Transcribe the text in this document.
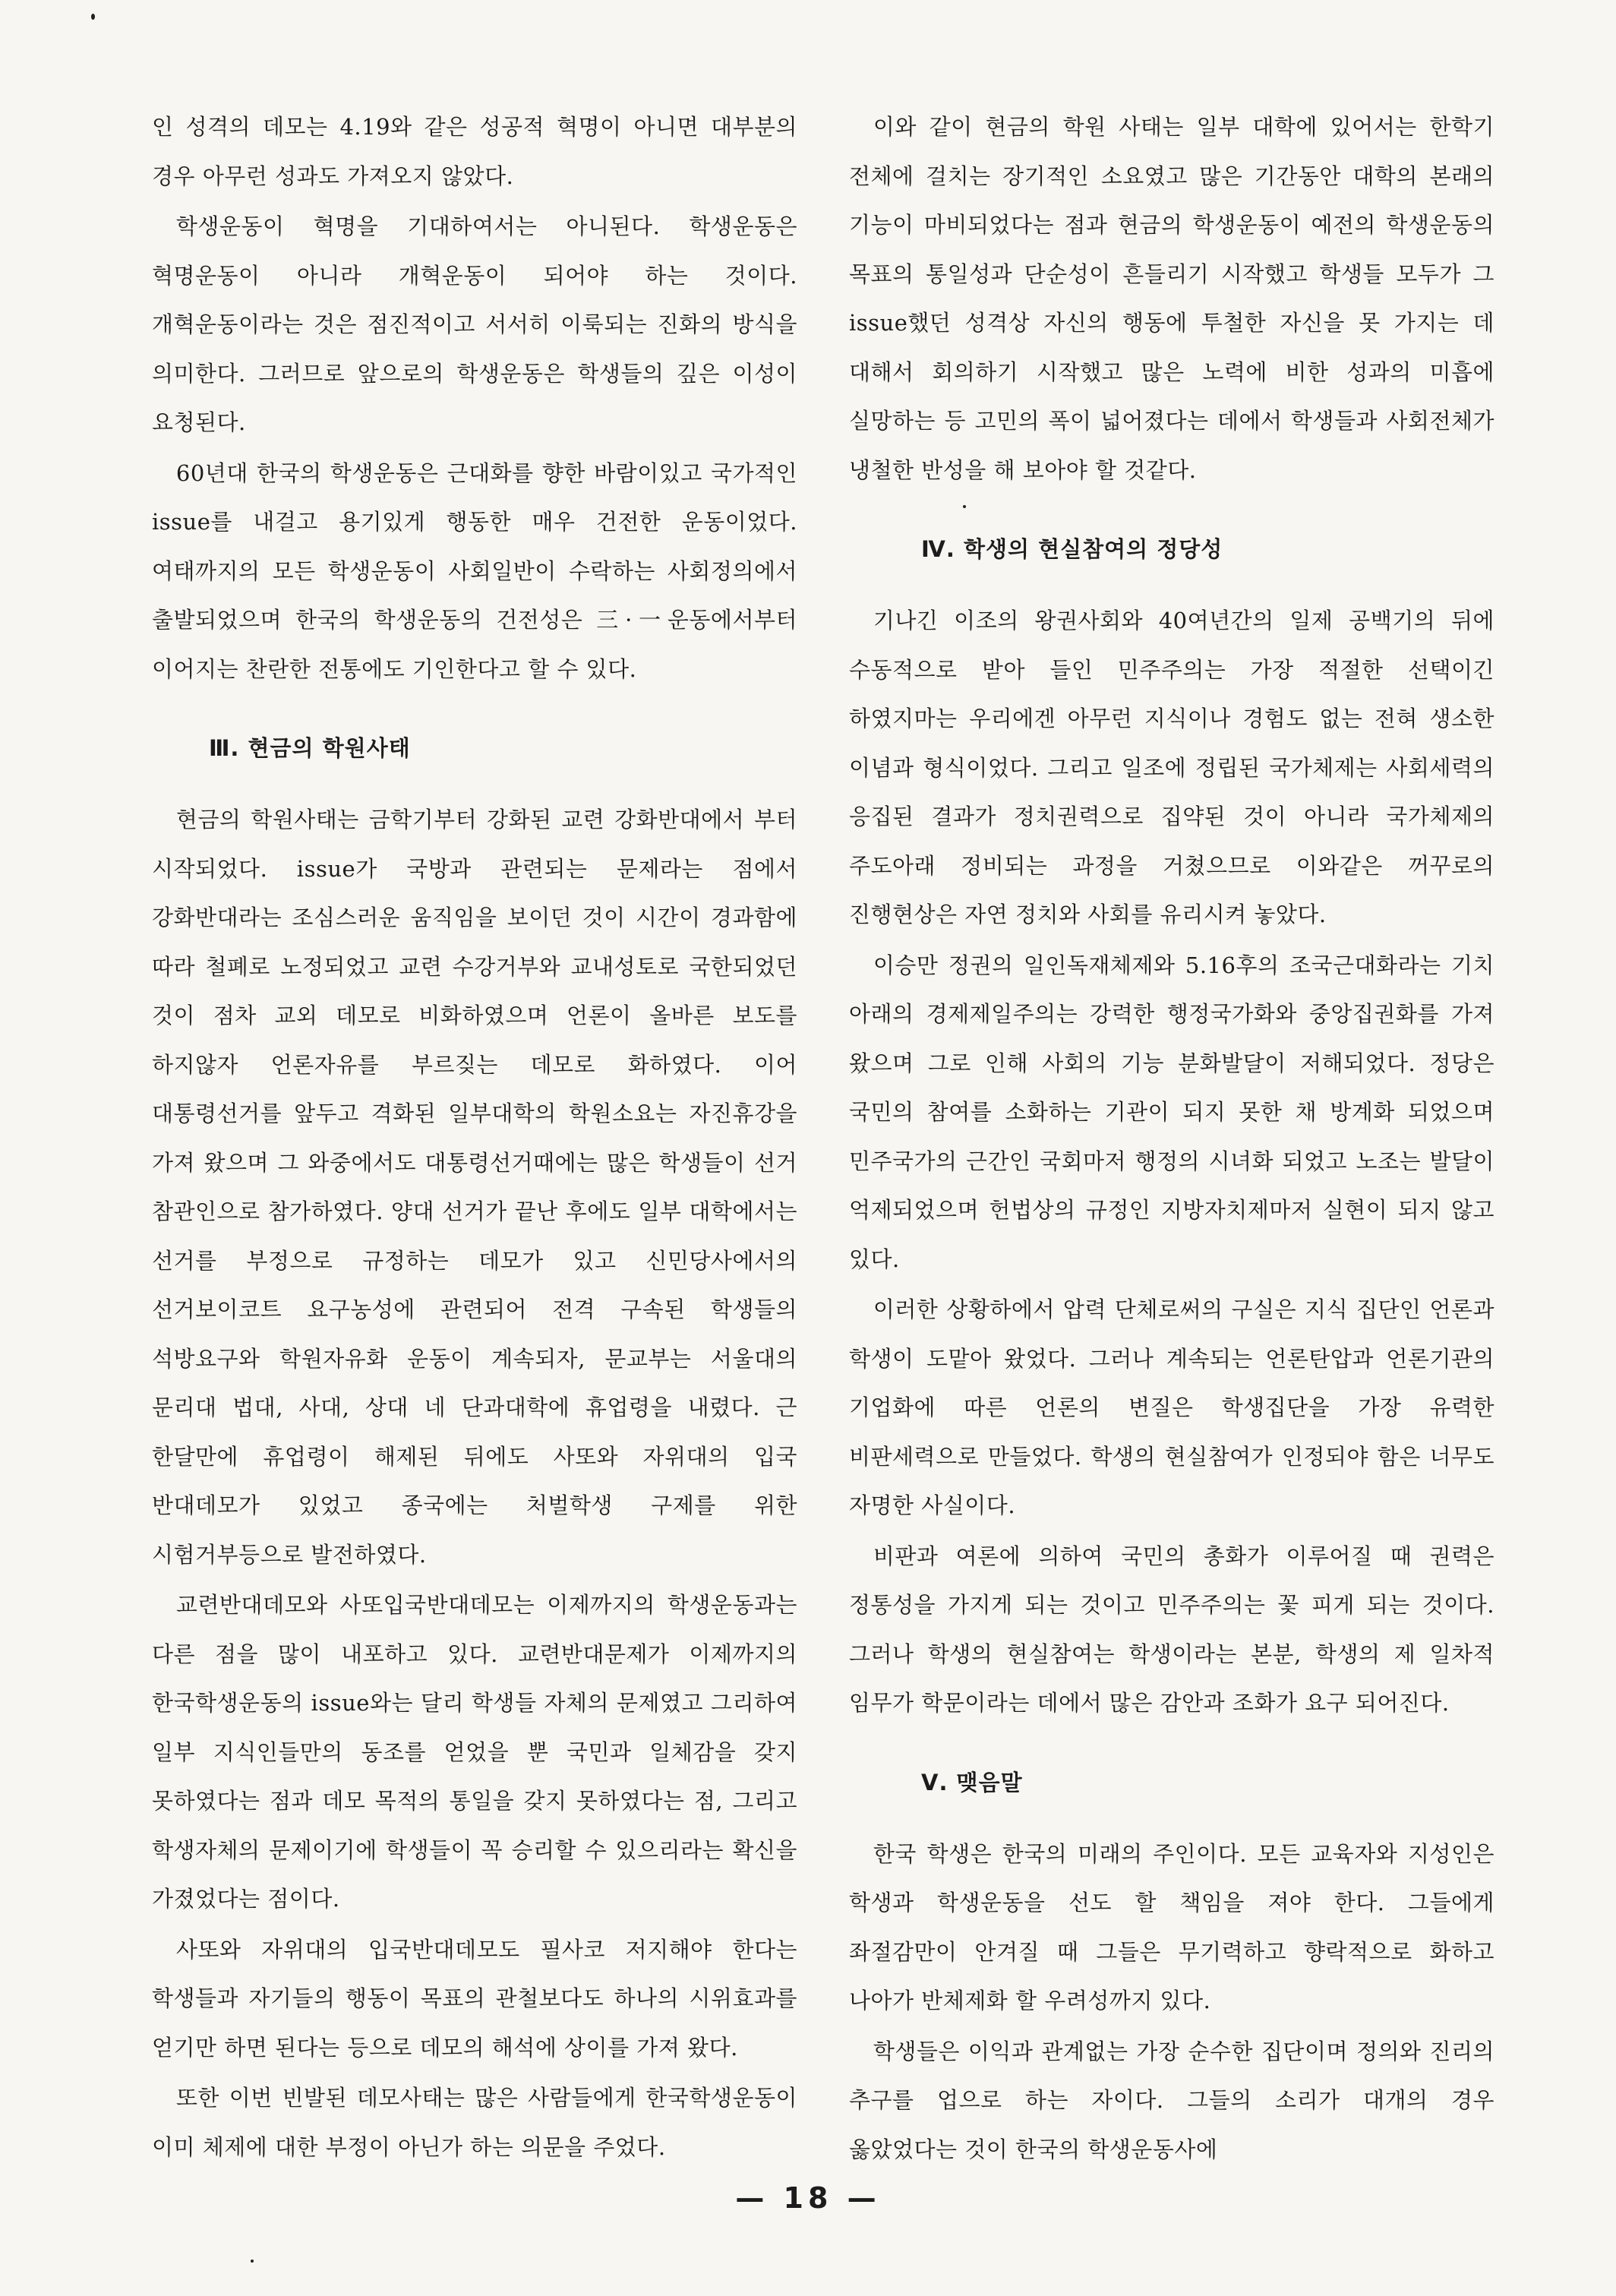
인 성격의 데모는 4.19와 같은 성공적 혁명이 아니면 대부분의 경우 아무런 성과도 가져오지 않았다.

학생운동이 혁명을 기대하여서는 아니된다. 학생운동은 혁명운동이 아니라 개혁운동이 되어야 하는 것이다. 개혁운동이라는 것은 점진적이고 서서히 이룩되는 진화의 방식을 의미한다. 그러므로 앞으로의 학생운동은 학생들의 깊은 이성이 요청된다.

60년대 한국의 학생운동은 근대화를 향한 바람이있고 국가적인 issue를 내걸고 용기있게 행동한 매우 건전한 운동이었다. 여태까지의 모든 학생운동이 사회일반이 수락하는 사회정의에서 출발되었으며 한국의 학생운동의 건전성은 三·一운동에서부터 이어지는 찬란한 전통에도 기인한다고 할 수 있다.

Ⅲ. 현금의 학원사태

현금의 학원사태는 금학기부터 강화된 교련 강화반대에서 부터 시작되었다. issue가 국방과 관련되는 문제라는 점에서 강화반대라는 조심스러운 움직임을 보이던 것이 시간이 경과함에 따라 철폐로 노정되었고 교련 수강거부와 교내성토로 국한되었던 것이 점차 교외 데모로 비화하였으며 언론이 올바른 보도를 하지않자 언론자유를 부르짖는 데모로 화하였다. 이어 대통령선거를 앞두고 격화된 일부대학의 학원소요는 자진휴강을 가져 왔으며 그 와중에서도 대통령선거때에는 많은 학생들이 선거 참관인으로 참가하였다. 양대 선거가 끝난 후에도 일부 대학에서는 선거를 부정으로 규정하는 데모가 있고 신민당사에서의 선거보이코트 요구농성에 관련되어 전격 구속된 학생들의 석방요구와 학원자유화 운동이 계속되자, 문교부는 서울대의 문리대 법대, 사대, 상대 네 단과대학에 휴업령을 내렸다. 근 한달만에 휴업령이 해제된 뒤에도 사또와 자위대의 입국 반대데모가 있었고 종국에는 처벌학생 구제를 위한 시험거부등으로 발전하였다.

교련반대데모와 사또입국반대데모는 이제까지의 학생운동과는 다른 점을 많이 내포하고 있다. 교련반대문제가 이제까지의 한국학생운동의 issue와는 달리 학생들 자체의 문제였고 그리하여 일부 지식인들만의 동조를 얻었을 뿐 국민과 일체감을 갖지 못하였다는 점과 데모 목적의 통일을 갖지 못하였다는 점, 그리고 학생자체의 문제이기에 학생들이 꼭 승리할 수 있으리라는 확신을 가졌었다는 점이다.

사또와 자위대의 입국반대데모도 필사코 저지해야 한다는 학생들과 자기들의 행동이 목표의 관철보다도 하나의 시위효과를 얻기만 하면 된다는 등으로 데모의 해석에 상이를 가져 왔다.

또한 이번 빈발된 데모사태는 많은 사람들에게 한국학생운동이 이미 체제에 대한 부정이 아닌가 하는 의문을 주었다.

이와 같이 현금의 학원 사태는 일부 대학에 있어서는 한학기 전체에 걸치는 장기적인 소요였고 많은 기간동안 대학의 본래의 기능이 마비되었다는 점과 현금의 학생운동이 예전의 학생운동의 목표의 통일성과 단순성이 흔들리기 시작했고 학생들 모두가 그 issue했던 성격상 자신의 행동에 투철한 자신을 못 가지는 데 대해서 회의하기 시작했고 많은 노력에 비한 성과의 미흡에 실망하는 등 고민의 폭이 넓어졌다는 데에서 학생들과 사회전체가 냉철한 반성을 해 보아야 할 것같다.

Ⅳ. 학생의 현실참여의 정당성

기나긴 이조의 왕권사회와 40여년간의 일제 공백기의 뒤에 수동적으로 받아 들인 민주주의는 가장 적절한 선택이긴 하였지마는 우리에겐 아무런 지식이나 경험도 없는 전혀 생소한 이념과 형식이었다. 그리고 일조에 정립된 국가체제는 사회세력의 응집된 결과가 정치권력으로 집약된 것이 아니라 국가체제의 주도아래 정비되는 과정을 거쳤으므로 이와같은 꺼꾸로의 진행현상은 자연 정치와 사회를 유리시켜 놓았다.

이승만 정권의 일인독재체제와 5.16후의 조국근대화라는 기치 아래의 경제제일주의는 강력한 행정국가화와 중앙집권화를 가져 왔으며 그로 인해 사회의 기능 분화발달이 저해되었다. 정당은 국민의 참여를 소화하는 기관이 되지 못한 채 방계화 되었으며 민주국가의 근간인 국회마저 행정의 시녀화 되었고 노조는 발달이 억제되었으며 헌법상의 규정인 지방자치제마저 실현이 되지 않고 있다.

이러한 상황하에서 압력 단체로써의 구실은 지식 집단인 언론과 학생이 도맡아 왔었다. 그러나 계속되는 언론탄압과 언론기관의 기업화에 따른 언론의 변질은 학생집단을 가장 유력한 비판세력으로 만들었다. 학생의 현실참여가 인정되야 함은 너무도 자명한 사실이다.

비판과 여론에 의하여 국민의 총화가 이루어질 때 권력은 정통성을 가지게 되는 것이고 민주주의는 꽃 피게 되는 것이다. 그러나 학생의 현실참여는 학생이라는 본분, 학생의 제 일차적 임무가 학문이라는 데에서 많은 감안과 조화가 요구 되어진다.

Ⅴ. 맺음말

한국 학생은 한국의 미래의 주인이다. 모든 교육자와 지성인은 학생과 학생운동을 선도 할 책임을 져야 한다. 그들에게 좌절감만이 안겨질 때 그들은 무기력하고 향락적으로 화하고 나아가 반체제화 할 우려성까지 있다.

학생들은 이익과 관계없는 가장 순수한 집단이며 정의와 진리의 추구를 업으로 하는 자이다. 그들의 소리가 대개의 경우 옳았었다는 것이 한국의 학생운동사에

— 18 —
